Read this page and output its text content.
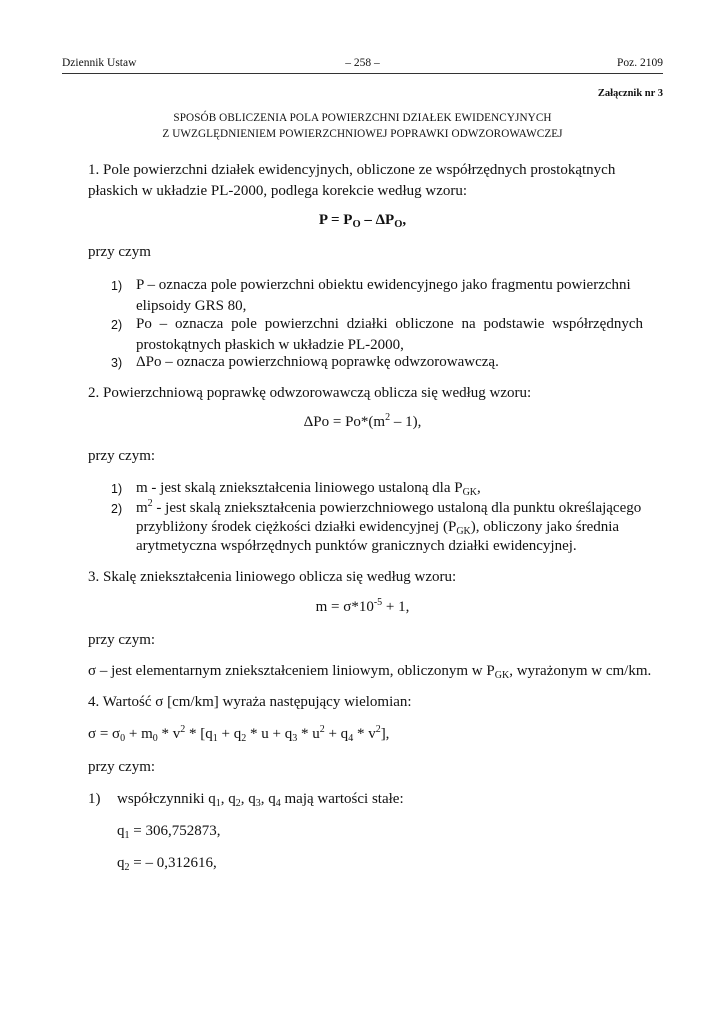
Dziennik Ustaw	– 258 –	Poz. 2109
Załącznik nr 3
SPOSÓB OBLICZENIA POLA POWIERZCHNI DZIAŁEK EWIDENCYJNYCH
Z UWZGLĘDNIENIEM POWIERZCHNIOWEJ POPRAWKI ODWZOROWAWCZEJ
1. Pole powierzchni działek ewidencyjnych, obliczone ze współrzędnych prostokątnych
płaskich w układzie PL-2000, podlega korekcie według wzoru:
$P = P_O - \Delta P_O$,
przy czym
1) P – oznacza pole powierzchni obiektu ewidencyjnego jako fragmentu powierzchni
elipsoidy GRS 80,
2) Po – oznacza pole powierzchni działki obliczone na podstawie współrzędnych
prostokątnych płaskich w układzie PL-2000,
3) ΔPo – oznacza powierzchniową poprawkę odwzorowawczą.
2. Powierzchniową poprawkę odwzorowawczą oblicza się według wzoru:
$\Delta Po = Po*(m^2 - 1)$,
przy czym:
1) m - jest skalą zniekształcenia liniowego ustaloną dla $P_{GK}$,
2) $m^2$ - jest skalą zniekształcenia powierzchniowego ustaloną dla punktu określającego
przybliżony środek ciężkości działki ewidencyjnej $(P_{GK})$, obliczony jako średnia
arytmetyczna współrzędnych punktów granicznych działki ewidencyjnej.
3. Skalę zniekształcenia liniowego oblicza się według wzoru:
$m = \sigma*10^{-5} + 1$,
przy czym:
σ – jest elementarnym zniekształceniem liniowym, obliczonym w $P_{GK}$, wyrażonym w cm/km.
4. Wartość σ [cm/km] wyraża następujący wielomian:
$\sigma = \sigma_0 + m_0 * v^2 * [q_1 + q_2 * u + q_3 * u^2 + q_4 * v^2]$,
przy czym:
1) współczynniki $q_1$, $q_2$, $q_3$, $q_4$ mają wartości stałe:
$q_1 = 306,752873$,
$q_2$ = – 0,312616,
